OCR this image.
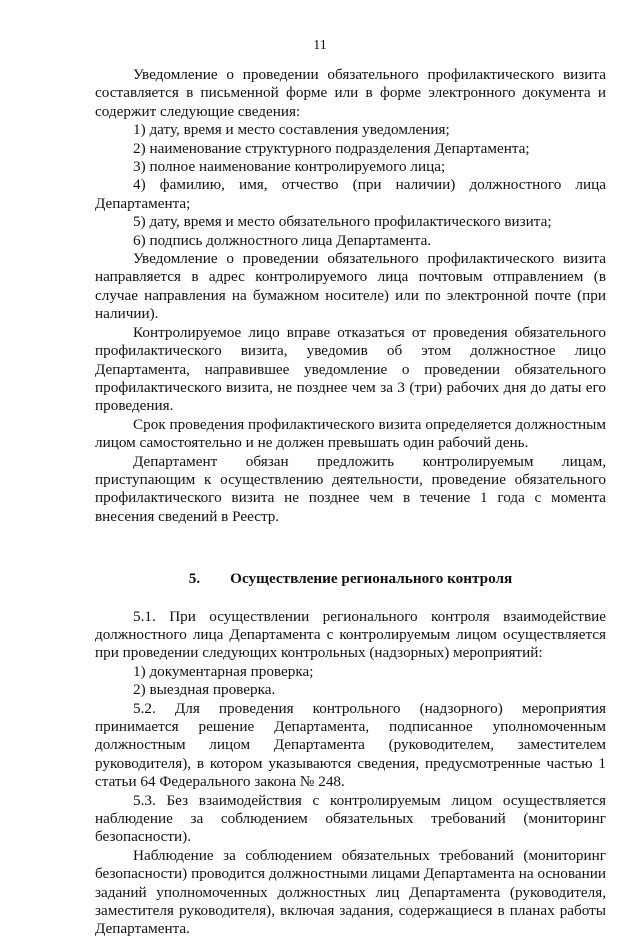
11

Уведомление о проведении обязательного профилактического визита составляется в письменной форме или в форме электронного документа и содержит следующие сведения:

1) дату, время и место составления уведомления;

2) наименование структурного подразделения Департамента;

3) полное наименование контролируемого лица;

4) фамилию, имя, отчество (при наличии) должностного лица Департамента;

5) дату, время и место обязательного профилактического визита;

6) подпись должностного лица Департамента.

Уведомление о проведении обязательного профилактического визита направляется в адрес контролируемого лица почтовым отправлением (в случае направления на бумажном носителе) или по электронной почте (при наличии).

Контролируемое лицо вправе отказаться от проведения обязательного профилактического визита, уведомив об этом должностное лицо Департамента, направившее уведомление о проведении обязательного профилактического визита, не позднее чем за 3 (три) рабочих дня до даты его проведения.

Срок проведения профилактического визита определяется должностным лицом самостоятельно и не должен превышать один рабочий день.

Департамент обязан предложить контролируемым лицам, приступающим к осуществлению деятельности, проведение обязательного профилактического визита не позднее чем в течение 1 года с момента внесения сведений в Реестр.

5. Осуществление регионального контроля

5.1. При осуществлении регионального контроля взаимодействие должностного лица Департамента с контролируемым лицом осуществляется при проведении следующих контрольных (надзорных) мероприятий:

1) документарная проверка;

2) выездная проверка.

5.2. Для проведения контрольного (надзорного) мероприятия принимается решение Департамента, подписанное уполномоченным должностным лицом Департамента (руководителем, заместителем руководителя), в котором указываются сведения, предусмотренные частью 1 статьи 64 Федерального закона № 248.

5.3. Без взаимодействия с контролируемым лицом осуществляется наблюдение за соблюдением обязательных требований (мониторинг безопасности).

Наблюдение за соблюдением обязательных требований (мониторинг безопасности) проводится должностными лицами Департамента на основании заданий уполномоченных должностных лиц Департамента (руководителя, заместителя руководителя), включая задания, содержащиеся в планах работы Департамента.
